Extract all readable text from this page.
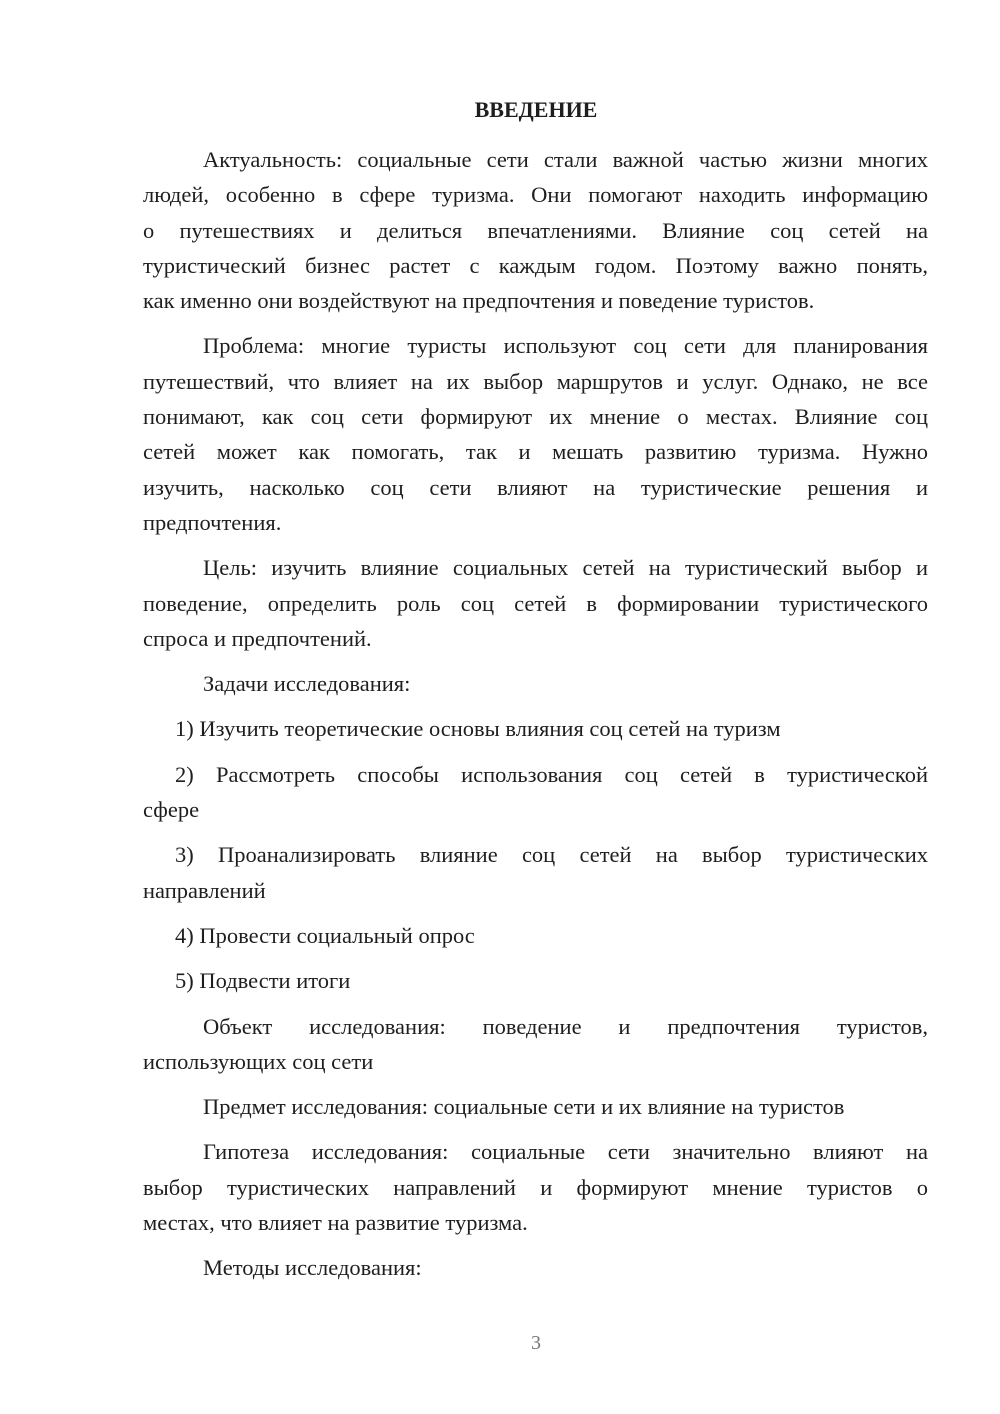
ВВЕДЕНИЕ
Актуальность: социальные сети стали важной частью жизни многих
людей, особенно в сфере туризма. Они помогают находить информацию
о путешествиях и делиться впечатлениями. Влияние соц сетей на
туристический бизнес растет с каждым годом. Поэтому важно понять,
как именно они воздействуют на предпочтения и поведение туристов.
Проблема: многие туристы используют соц сети для планирования
путешествий, что влияет на их выбор маршрутов и услуг. Однако, не все
понимают, как соц сети формируют их мнение о местах. Влияние соц
сетей может как помогать, так и мешать развитию туризма. Нужно
изучить, насколько соц сети влияют на туристические решения и
предпочтения.
Цель: изучить влияние социальных сетей на туристический выбор и
поведение, определить роль соц сетей в формировании туристического
спроса и предпочтений.
Задачи исследования:
1) Изучить теоретические основы влияния соц сетей на туризм
2) Рассмотреть способы использования соц сетей в туристической
сфере
3) Проанализировать влияние соц сетей на выбор туристических
направлений
4) Провести социальный опрос
5) Подвести итоги
Объект исследования: поведение и предпочтения туристов,
использующих соц сети
Предмет исследования: социальные сети и их влияние на туристов
Гипотеза исследования: социальные сети значительно влияют на
выбор туристических направлений и формируют мнение туристов о
местах, что влияет на развитие туризма.
Методы исследования:
3
